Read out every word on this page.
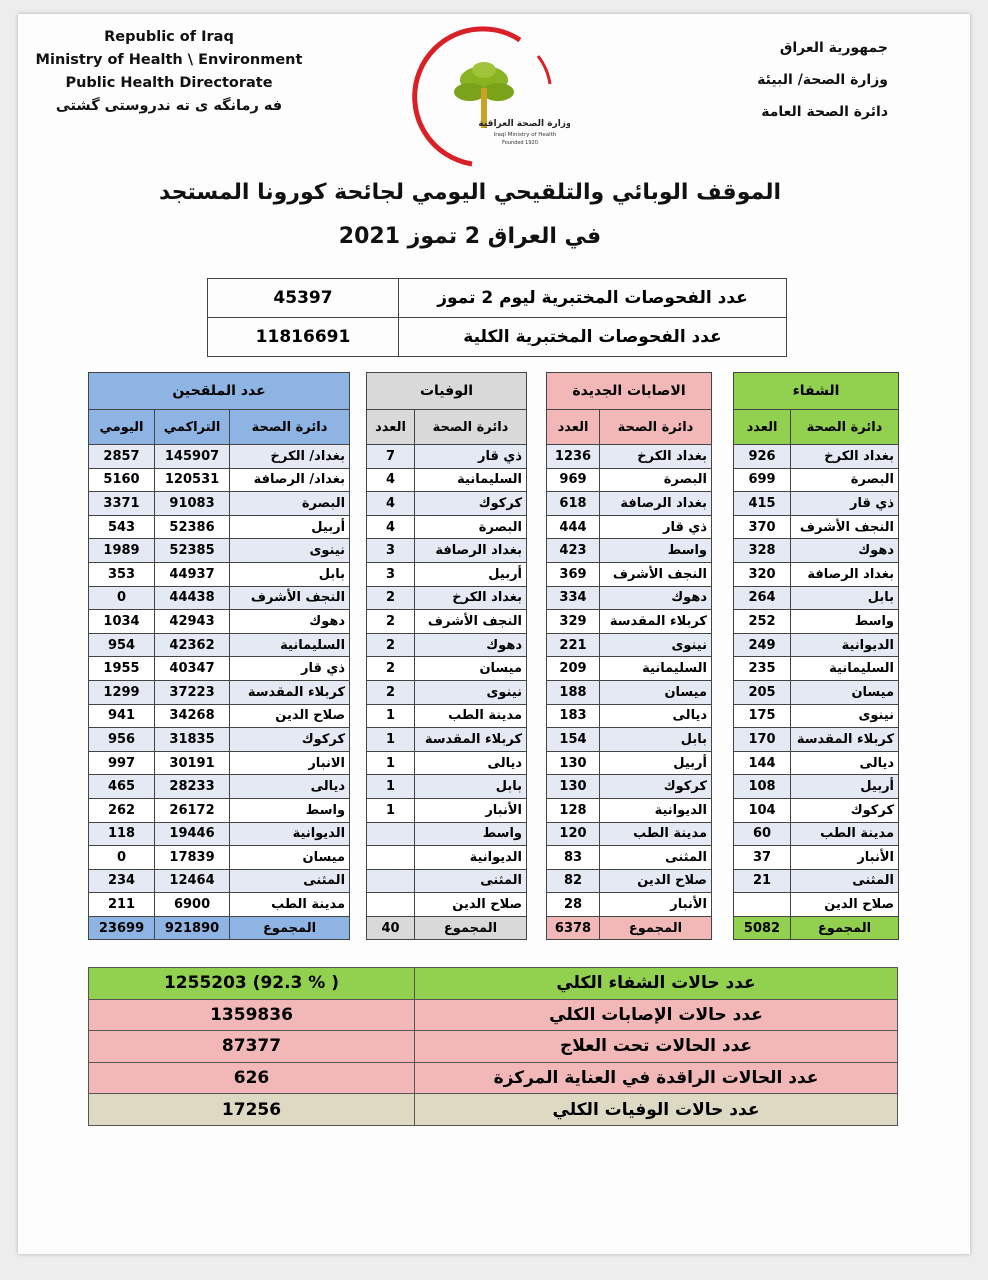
Republic of Iraq
Ministry of Health \ Environment
Public Health Directorate
فه رمانگه ى ته ندروستى گشتى
وزارة الصحة العراقية
Iraqi Ministry of Health
Founded 1920
جمهورية العراق
وزارة الصحة/ البيئة
دائرة الصحة العامة
الموقف الوبائي والتلقيحي اليومي لجائحة كورونا المستجد
في العراق 2 تموز 2021
عدد الفحوصات المختبرية ليوم 2 تموز	45397
عدد الفحوصات المختبرية الكلية	11816691
الشفاء	
دائرة الصحة	العدد
بغداد الكرخ	926
البصرة	699
ذي قار	415
النجف الأشرف	370
دهوك	328
بغداد الرصافة	320
بابل	264
واسط	252
الديوانية	249
السليمانية	235
ميسان	205
نينوى	175
كربلاء المقدسة	170
ديالى	144
أربيل	108
كركوك	104
مدينة الطب	60
الأنبار	37
المثنى	21
صلاح الدين	
المجموع	5082
الاصابات الجديدة	
دائرة الصحة	العدد
بغداد الكرخ	1236
البصرة	969
بغداد الرصافة	618
ذي قار	444
واسط	423
النجف الأشرف	369
دهوك	334
كربلاء المقدسة	329
نينوى	221
السليمانية	209
ميسان	188
ديالى	183
بابل	154
أربيل	130
كركوك	130
الديوانية	128
مدينة الطب	120
المثنى	83
صلاح الدين	82
الأنبار	28
المجموع	6378
الوفيات	
دائرة الصحة	العدد
ذي قار	7
السليمانية	4
كركوك	4
البصرة	4
بغداد الرصافة	3
أربيل	3
بغداد الكرخ	2
النجف الأشرف	2
دهوك	2
ميسان	2
نينوى	2
مدينة الطب	1
كربلاء المقدسة	1
ديالى	1
بابل	1
الأنبار	1
واسط	
الديوانية	
المثنى	
صلاح الدين	
المجموع	40
عدد الملقحين		
دائرة الصحة	التراكمي	اليومي
بغداد/ الكرخ	145907	2857
بغداد/ الرصافة	120531	5160
البصرة	91083	3371
أربيل	52386	543
نينوى	52385	1989
بابل	44937	353
النجف الأشرف	44438	0
دهوك	42943	1034
السليمانية	42362	954
ذي قار	40347	1955
كربلاء المقدسة	37223	1299
صلاح الدين	34268	941
كركوك	31835	956
الانبار	30191	997
ديالى	28233	465
واسط	26172	262
الديوانية	19446	118
ميسان	17839	0
المثنى	12464	234
مدينة الطب	6900	211
المجموع	921890	23699
عدد حالات الشفاء الكلي	1255203 (92.3 % )
عدد حالات الإصابات الكلي	1359836
عدد الحالات تحت العلاج	87377
عدد الحالات الراقدة في العناية المركزة	626
عدد حالات الوفيات الكلي	17256
